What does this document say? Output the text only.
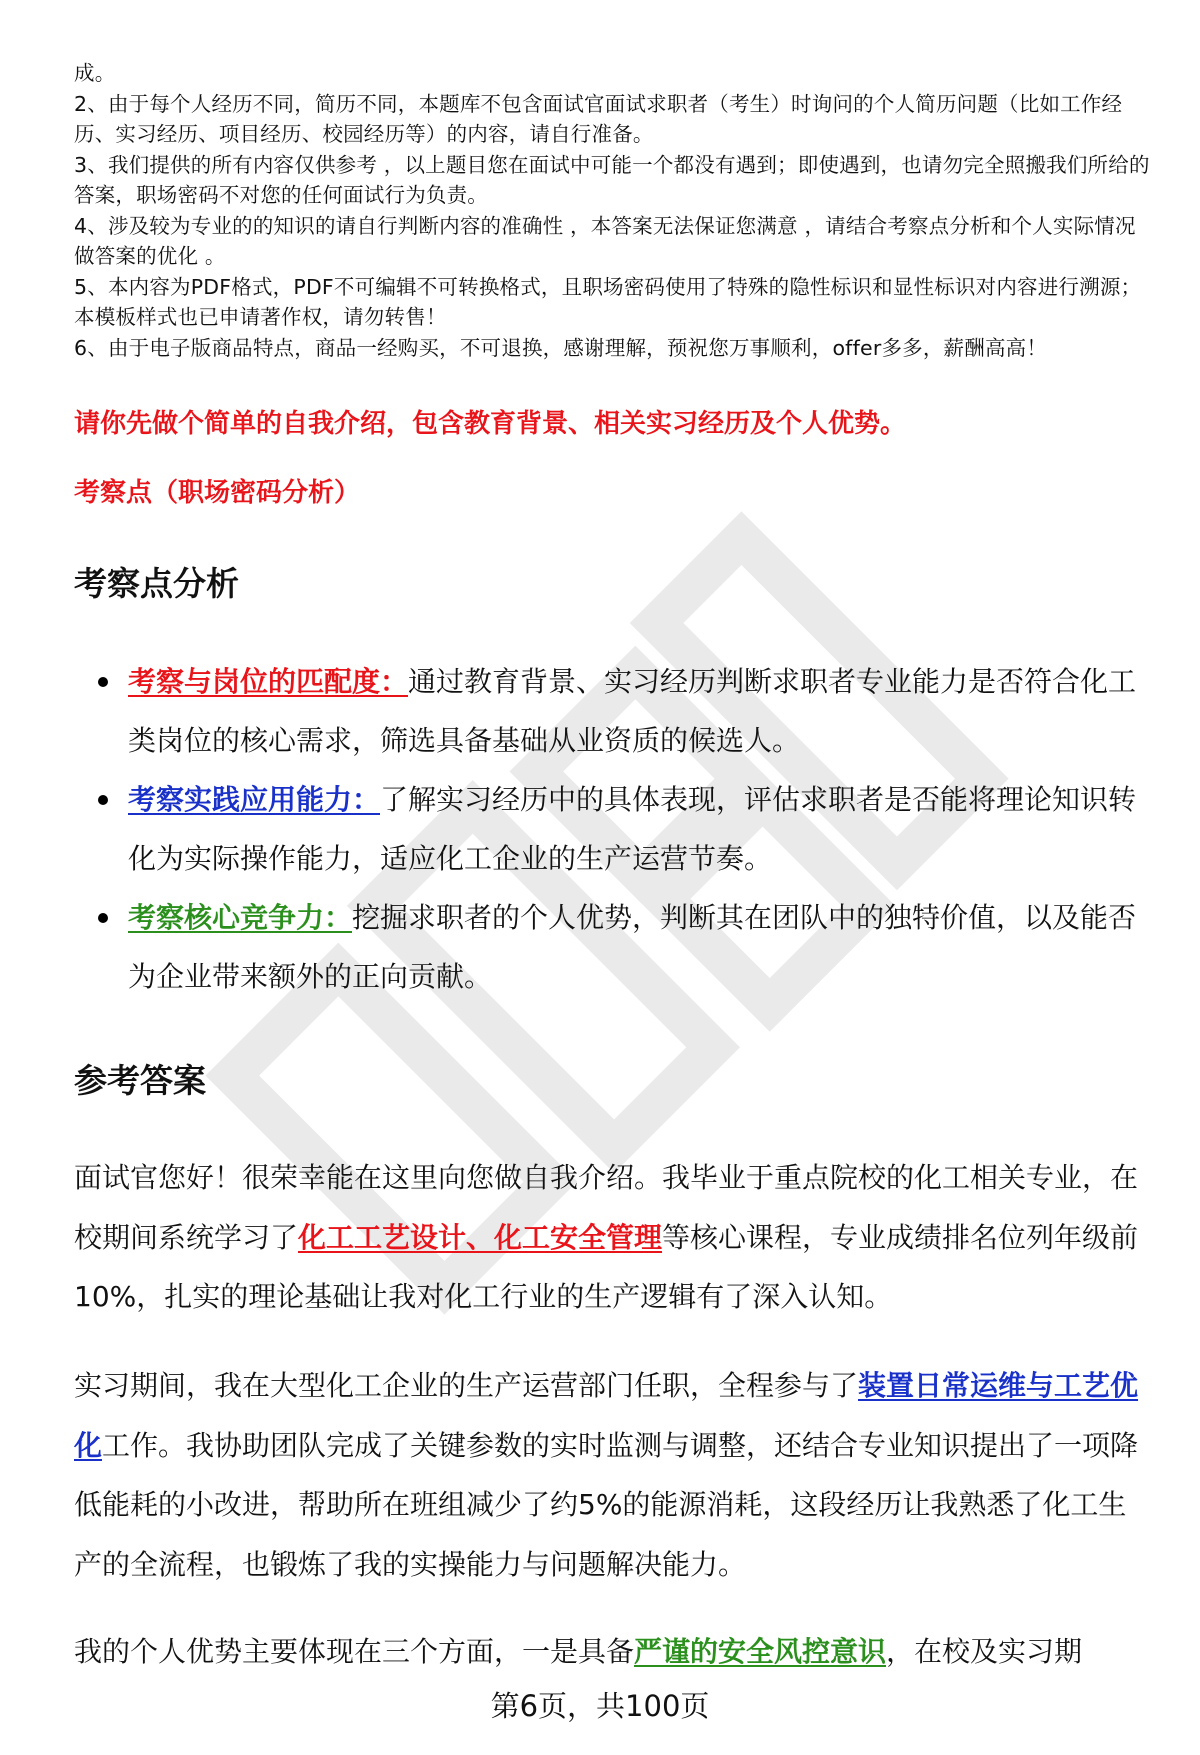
成。

2、由于每个人经历不同，简历不同，本题库不包含面试官面试求职者（考生）时询问的个人简历问题（比如工作经历、实习经历、项目经历、校园经历等）的内容，请自行准备。

3、我们提供的所有内容仅供参考 ，以上题目您在面试中可能一个都没有遇到；即使遇到，也请勿完全照搬我们所给的答案，职场密码不对您的任何面试行为负责。

4、涉及较为专业的的知识的请自行判断内容的准确性 ，本答案无法保证您满意 ，请结合考察点分析和个人实际情况做答案的优化 。

5、本内容为PDF格式，PDF不可编辑不可转换格式，且职场密码使用了特殊的隐性标识和显性标识对内容进行溯源；本模板样式也已申请著作权，请勿转售！

6、由于电子版商品特点，商品一经购买，不可退换，感谢理解，预祝您万事顺利，offer多多，薪酬高高！

请你先做个简单的自我介绍，包含教育背景、相关实习经历及个人优势。
考察点（职场密码分析）
考察点分析
考察与岗位的匹配度：通过教育背景、实习经历判断求职者专业能力是否符合化工类岗位的核心需求，筛选具备基础从业资质的候选人。
考察实践应用能力：了解实习经历中的具体表现，评估求职者是否能将理论知识转化为实际操作能力，适应化工企业的生产运营节奏。
考察核心竞争力：挖掘求职者的个人优势，判断其在团队中的独特价值，以及能否为企业带来额外的正向贡献。
参考答案

面试官您好！很荣幸能在这里向您做自我介绍。我毕业于重点院校的化工相关专业，在校期间系统学习了化工工艺设计、化工安全管理等核心课程，专业成绩排名位列年级前10%，扎实的理论基础让我对化工行业的生产逻辑有了深入认知。

实习期间，我在大型化工企业的生产运营部门任职，全程参与了装置日常运维与工艺优化工作。我协助团队完成了关键参数的实时监测与调整，还结合专业知识提出了一项降低能耗的小改进，帮助所在班组减少了约5%的能源消耗，这段经历让我熟悉了化工生产的全流程，也锻炼了我的实操能力与问题解决能力。

我的个人优势主要体现在三个方面，一是具备严谨的安全风控意识，在校及实习期

第6页，共100页
